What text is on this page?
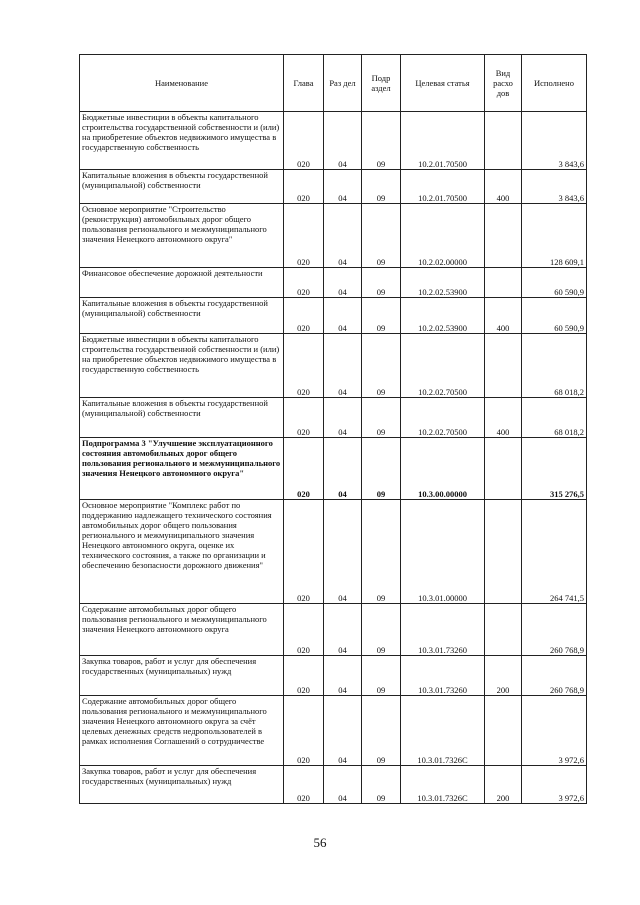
Наименование	Глава	Раз дел	Подр аздел	Целевая статья	Вид расхо дов	Исполнено
Бюджетные инвестиции в объекты капитального строительства государственной собственности и (или) на приобретение объектов недвижимого имущества в государственную собственность	020	04	09	10.2.01.70500		3 843,6
Капитальные вложения в объекты государственной (муниципальной) собственности	020	04	09	10.2.01.70500	400	3 843,6
Основное мероприятие "Строительство (реконструкция) автомобильных дорог общего пользования регионального и межмуниципального значения Ненецкого автономного округа"	020	04	09	10.2.02.00000		128 609,1
Финансовое обеспечение дорожной деятельности	020	04	09	10.2.02.53900		60 590,9
Капитальные вложения в объекты государственной (муниципальной) собственности	020	04	09	10.2.02.53900	400	60 590,9
Бюджетные инвестиции в объекты капитального строительства государственной собственности и (или) на приобретение объектов недвижимого имущества в государственную собственность	020	04	09	10.2.02.70500		68 018,2
Капитальные вложения в объекты государственной (муниципальной) собственности	020	04	09	10.2.02.70500	400	68 018,2
Подпрограмма 3 "Улучшение эксплуатационного состояния автомобильных дорог общего пользования регионального и межмуниципального значения Ненецкого автономного округа"	020	04	09	10.3.00.00000		315 276,5
Основное мероприятие "Комплекс работ по поддержанию надлежащего технического состояния автомобильных дорог общего пользования регионального и межмуниципального значения Ненецкого автономного округа, оценке их технического состояния, а также по организации и обеспечению безопасности дорожного движения"	020	04	09	10.3.01.00000		264 741,5
Содержание автомобильных дорог общего пользования регионального и межмуниципального значения Ненецкого автономного округа	020	04	09	10.3.01.73260		260 768,9
Закупка товаров, работ и услуг для обеспечения государственных (муниципальных) нужд	020	04	09	10.3.01.73260	200	260 768,9
Содержание автомобильных дорог общего пользования регионального и межмуниципального значения Ненецкого автономного округа за счёт целевых денежных средств недропользователей в рамках исполнения Соглашений о сотрудничестве	020	04	09	10.3.01.7326С		3 972,6
Закупка товаров, работ и услуг для обеспечения государственных (муниципальных) нужд	020	04	09	10.3.01.7326С	200	3 972,6
56
